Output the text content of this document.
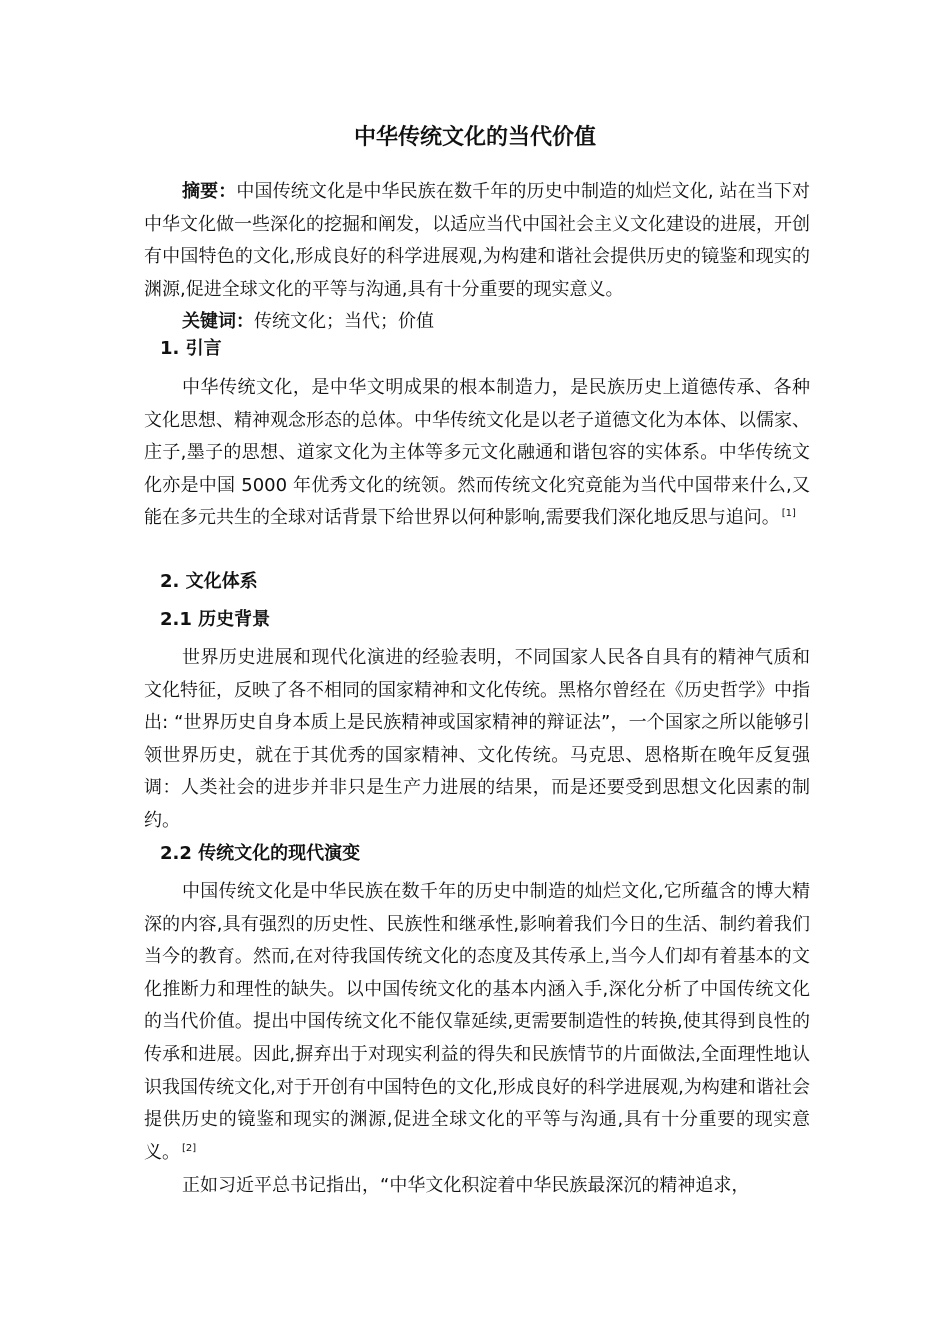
中华传统文化的当代价值
摘要：中国传统文化是中华民族在数千年的历史中制造的灿烂文化, 站在当下对中华文化做一些深化的挖掘和阐发，以适应当代中国社会主义文化建设的进展，开创有中国特色的文化,形成良好的科学进展观,为构建和谐社会提供历史的镜鉴和现实的渊源,促进全球文化的平等与沟通,具有十分重要的现实意义。
关键词：传统文化；当代；价值
1. 引言
中华传统文化，是中华文明成果的根本制造力，是民族历史上道德传承、各种文化思想、精神观念形态的总体。中华传统文化是以老子道德文化为本体、以儒家、庄子,墨子的思想、道家文化为主体等多元文化融通和谐包容的实体系。中华传统文化亦是中国 5000 年优秀文化的统领。然而传统文化究竟能为当代中国带来什么,又能在多元共生的全球对话背景下给世界以何种影响,需要我们深化地反思与追问。 [1]
2. 文化体系
2.1 历史背景
世界历史进展和现代化演进的经验表明，不同国家人民各自具有的精神气质和文化特征，反映了各不相同的国家精神和文化传统。黑格尔曾经在《历史哲学》中指出: “世界历史自身本质上是民族精神或国家精神的辩证法”，一个国家之所以能够引领世界历史，就在于其优秀的国家精神、文化传统。马克思、恩格斯在晚年反复强调：人类社会的进步并非只是生产力进展的结果，而是还要受到思想文化因素的制约。
2.2 传统文化的现代演变
中国传统文化是中华民族在数千年的历史中制造的灿烂文化,它所蕴含的博大精深的内容,具有强烈的历史性、民族性和继承性,影响着我们今日的生活、制约着我们当今的教育。然而,在对待我国传统文化的态度及其传承上,当今人们却有着基本的文化推断力和理性的缺失。以中国传统文化的基本内涵入手,深化分析了中国传统文化的当代价值。提出中国传统文化不能仅靠延续,更需要制造性的转换,使其得到良性的传承和进展。因此,摒弃出于对现实利益的得失和民族情节的片面做法,全面理性地认识我国传统文化,对于开创有中国特色的文化,形成良好的科学进展观,为构建和谐社会提供历史的镜鉴和现实的渊源,促进全球文化的平等与沟通,具有十分重要的现实意义。 [2]
正如习近平总书记指出，“中华文化积淀着中华民族最深沉的精神追求，
